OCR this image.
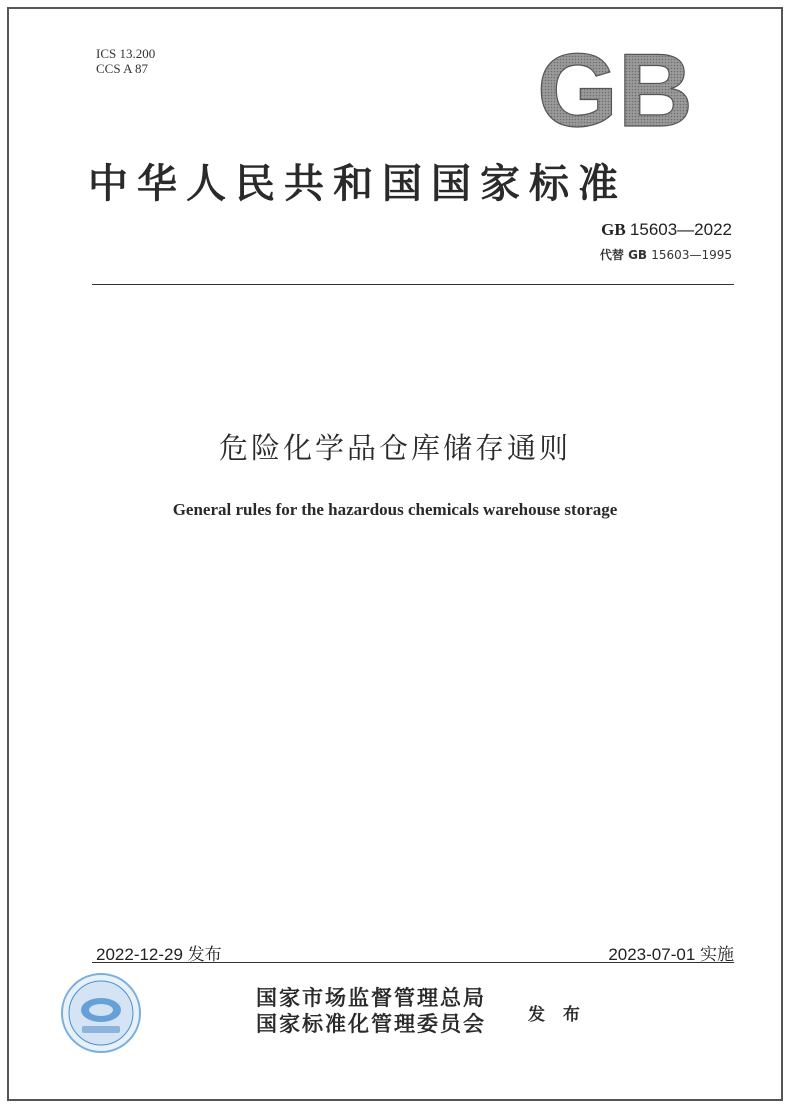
ICS 13.200
CCS A 87	GB
中华人民共和国国家标准
GB 15603—2022
代替 GB 15603—1995
危险化学品仓库储存通则
General rules for the hazardous chemicals warehouse storage
2022-12-29 发布	2023-07-01 实施
国家市场监督管理总局
国家标准化管理委员会 发 布
